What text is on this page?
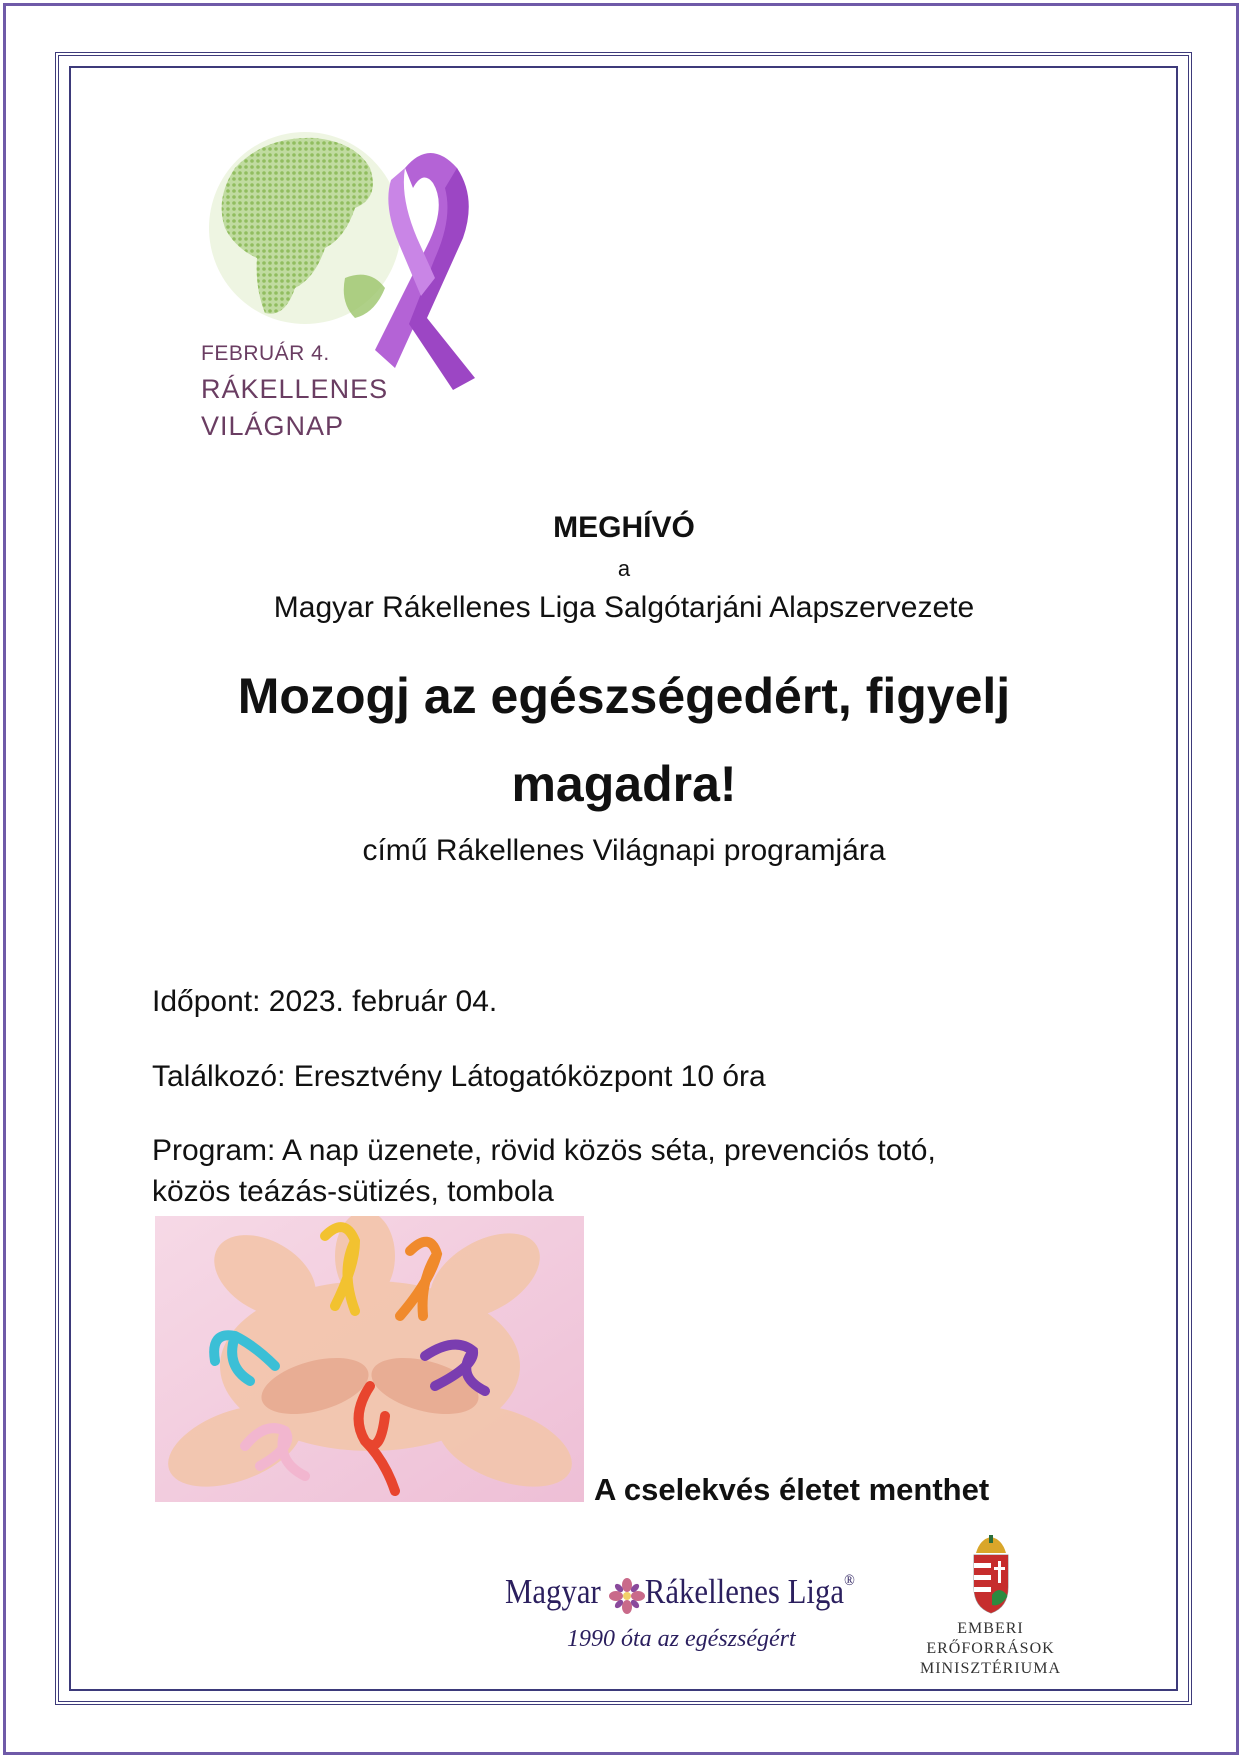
FEBRUÁR 4.
RÁKELLENES
VILÁGNAP
MEGHÍVÓ
a
Magyar Rákellenes Liga Salgótarjáni Alapszervezete
Mozogj az egészségedért, figyelj
magadra!
című Rákellenes Világnapi programjára
Időpont: 2023. február 04.
Találkozó: Eresztvény Látogatóközpont 10 óra
Program: A nap üzenete, rövid közös séta, prevenciós totó,
közös teázás-sütizés, tombola
A cselekvés életet menthet
Magyar Rákellenes Liga®
1990 óta az egészségért	EMBERI ERŐFORRÁSOK
MINISZTÉRIUMA
